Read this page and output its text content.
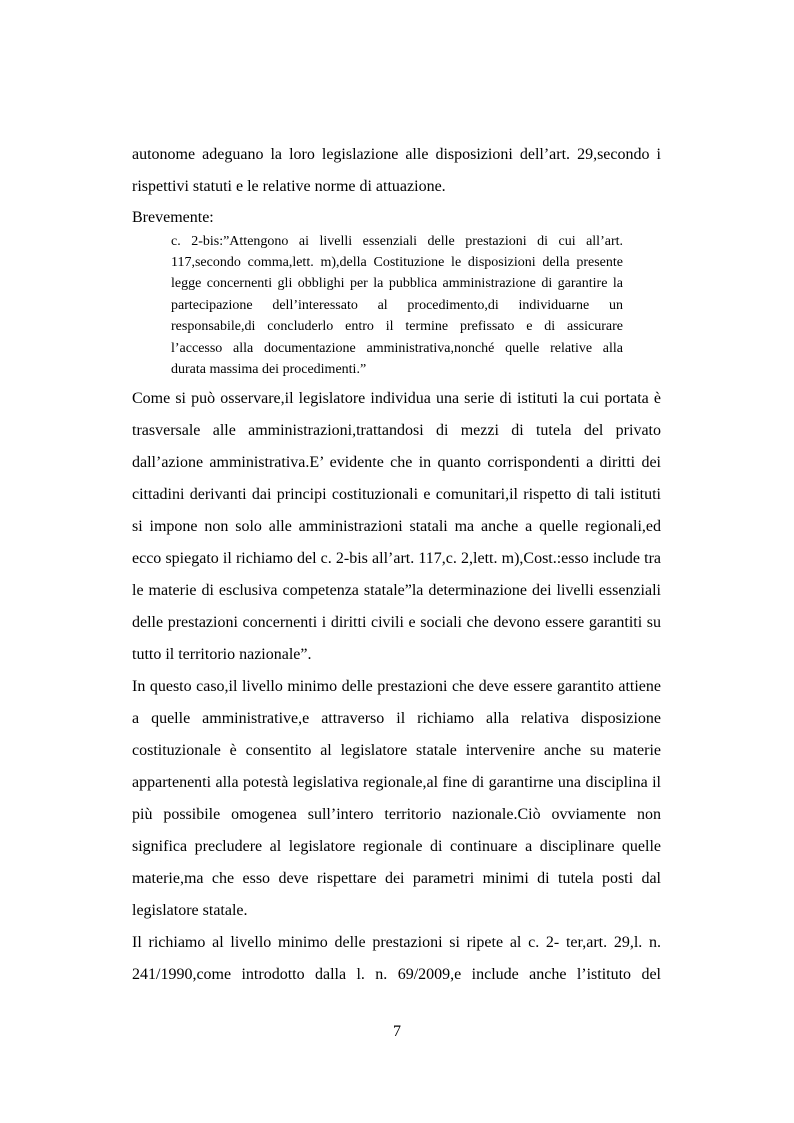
autonome adeguano la loro legislazione alle disposizioni dell’art. 29,secondo i
rispettivi statuti e le relative norme di attuazione.
Brevemente:
c. 2-bis:”Attengono ai livelli essenziali delle prestazioni di cui all’art.
117,secondo comma,lett. m),della Costituzione le disposizioni della presente
legge concernenti gli obblighi per la pubblica amministrazione di garantire la
partecipazione dell’interessato al procedimento,di individuarne un
responsabile,di concluderlo entro il termine prefissato e di assicurare
l’accesso alla documentazione amministrativa,nonché quelle relative alla
durata massima dei procedimenti.”
Come si può osservare,il legislatore individua una serie di istituti la cui portata è
trasversale alle amministrazioni,trattandosi di mezzi di tutela del privato
dall’azione amministrativa.E’ evidente che in quanto corrispondenti a diritti dei
cittadini derivanti dai principi costituzionali e comunitari,il rispetto di tali istituti
si impone non solo alle amministrazioni statali ma anche a quelle regionali,ed
ecco spiegato il richiamo del c. 2-bis all’art. 117,c. 2,lett. m),Cost.:esso include tra
le materie di esclusiva competenza statale”la determinazione dei livelli essenziali
delle prestazioni concernenti i diritti civili e sociali che devono essere garantiti su
tutto il territorio nazionale”.
In questo caso,il livello minimo delle prestazioni che deve essere garantito attiene
a quelle amministrative,e attraverso il richiamo alla relativa disposizione
costituzionale è consentito al legislatore statale intervenire anche su materie
appartenenti alla potestà legislativa regionale,al fine di garantirne una disciplina il
più possibile omogenea sull’intero territorio nazionale.Ciò ovviamente non
significa precludere al legislatore regionale di continuare a disciplinare quelle
materie,ma che esso deve rispettare dei parametri minimi di tutela posti dal
legislatore statale.
Il richiamo al livello minimo delle prestazioni si ripete al c. 2- ter,art. 29,l. n.
241/1990,come introdotto dalla l. n. 69/2009,e include anche l’istituto del
7
